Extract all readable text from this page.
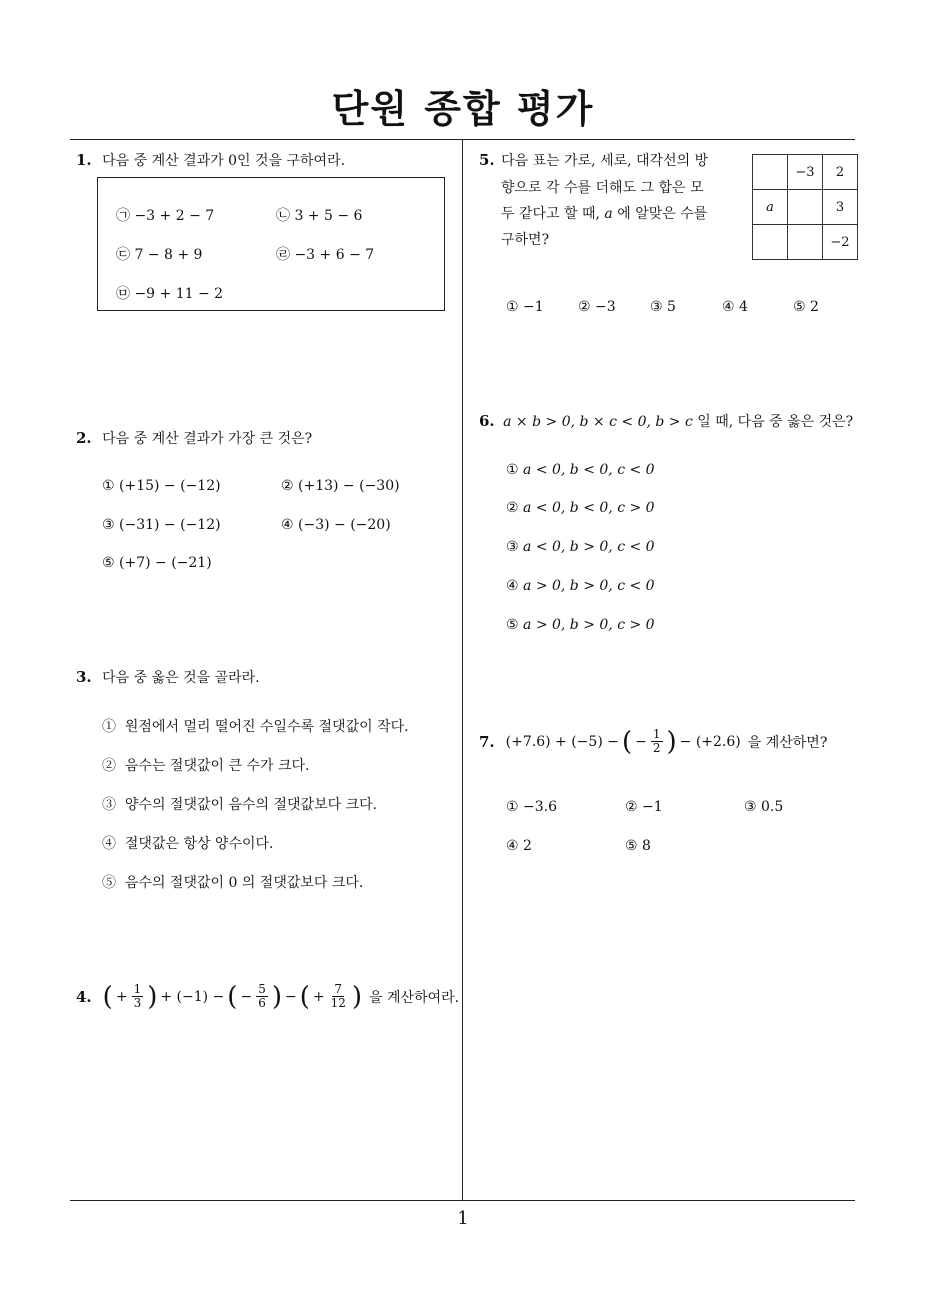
단원 종합 평가
1
1. 다음 중 계산 결과가 0인 것을 구하여라.
㉠ −3 + 2 − 7	㉡ 3 + 5 − 6
㉢ 7 − 8 + 9	㉣ −3 + 6 − 7
㉤ −9 + 11 − 2
2. 다음 중 계산 결과가 가장 큰 것은?
① (+15) − (−12)	② (+13) − (−30)
③ (−31) − (−12)	④ (−3) − (−20)
⑤ (+7) − (−21)
3. 다음 중 옳은 것을 골라라.
① 원점에서 멀리 떨어진 수일수록 절댓값이 작다.
② 음수는 절댓값이 큰 수가 크다.
③ 양수의 절댓값이 음수의 절댓값보다 크다.
④ 절댓값은 항상 양수이다.
⑤ 음수의 절댓값이 0 의 절댓값보다 크다.
4. ( + $\frac{1}{3}$ ) + (−1) − ( − $\frac{5}{6}$ ) − ( + $\frac{7}{12}$ ) 을 계산하여라.
5. 다음 표는 가로, 세로, 대각선의 방
향으로 각 수를 더해도 그 합은 모
두 같다고 할 때, a 에 알맞은 수를
구하면?
	−3	2
a		3
		−2
① −1 ② −3 ③ 5	④ 4	⑤ 2
6. a × b > 0, b × c < 0, b > c 일 때, 다음 중 옳은 것은?
① a < 0, b < 0, c < 0
② a < 0, b < 0, c > 0
③ a < 0, b > 0, c < 0
④ a > 0, b > 0, c < 0
⑤ a > 0, b > 0, c > 0
7. (+7.6) + (−5) − ( − $\frac{1}{2}$ ) − (+2.6) 을 계산하면?
① −3.6	② −1	③ 0.5
④ 2	⑤ 8
